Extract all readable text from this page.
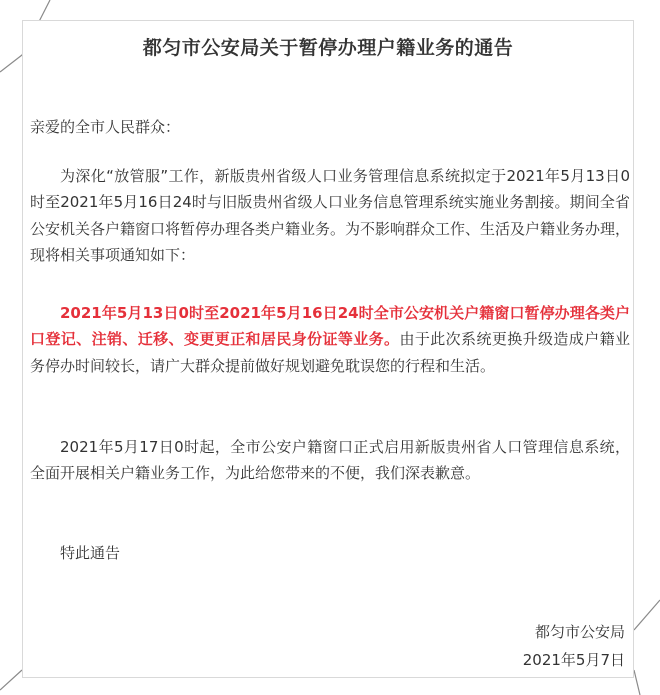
都匀市公安局关于暂停办理户籍业务的通告
亲爱的全市人民群众：
为深化“放管服”工作，新版贵州省级人口业务管理信息系统拟定于2021年5月13日0时至2021年5月16日24时与旧版贵州省级人口业务信息管理系统实施业务割接。期间全省公安机关各户籍窗口将暂停办理各类户籍业务。为不影响群众工作、生活及户籍业务办理，现将相关事项通知如下：
2021年5月13日0时至2021年5月16日24时全市公安机关户籍窗口暂停办理各类户口登记、注销、迁移、变更更正和居民身份证等业务。由于此次系统更换升级造成户籍业务停办时间较长，请广大群众提前做好规划避免耽误您的行程和生活。
2021年5月17日0时起，全市公安户籍窗口正式启用新版贵州省人口管理信息系统，全面开展相关户籍业务工作，为此给您带来的不便，我们深表歉意。
特此通告
都匀市公安局
2021年5月7日
